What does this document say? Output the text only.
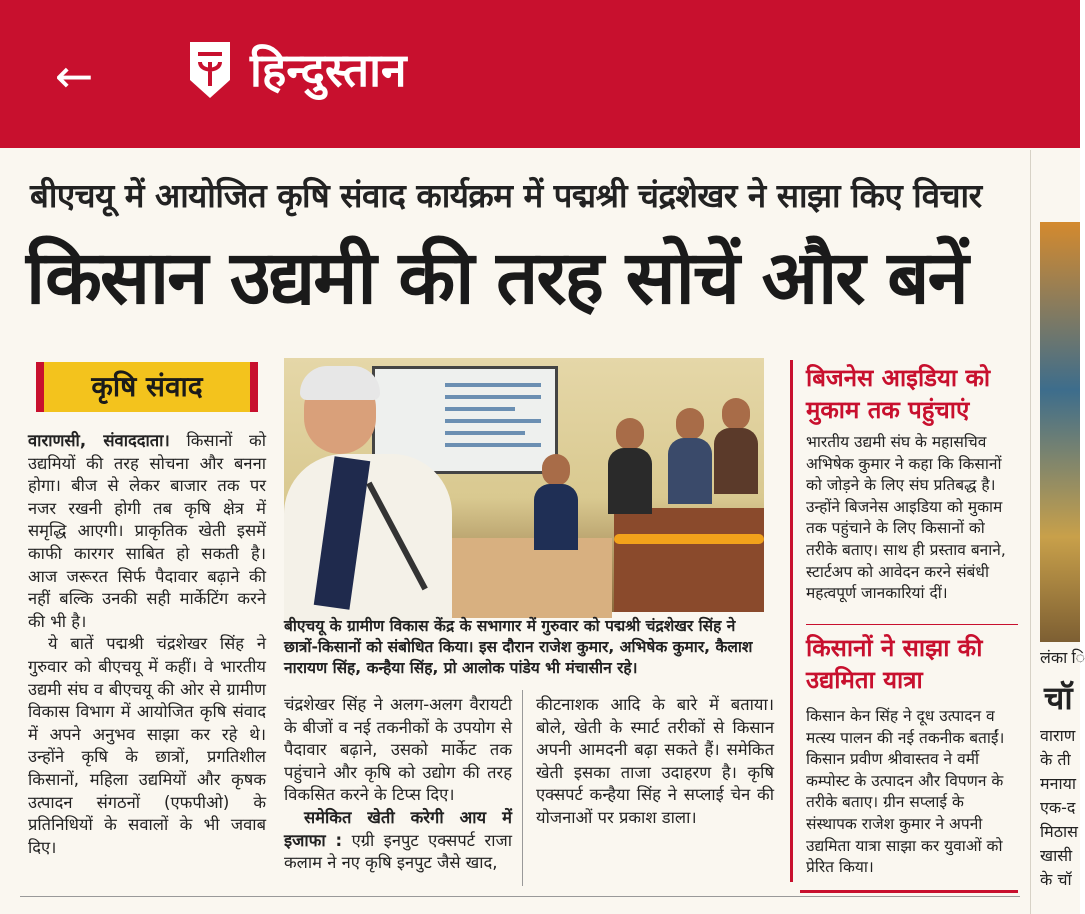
←	हिन्दुस्तान
बीएचयू में आयोजित कृषि संवाद कार्यक्रम में पद्मश्री चंद्रशेखर ने साझा किए विचार
किसान उद्यमी की तरह सोचें और बनें
कृषि संवाद

वाराणसी, संवाददाता। किसानों को उद्यमियों की तरह सोचना और बनना होगा। बीज से लेकर बाजार तक पर नजर रखनी होगी तब कृषि क्षेत्र में समृद्धि आएगी। प्राकृतिक खेती इसमें काफी कारगर साबित हो सकती है। आज जरूरत सिर्फ पैदावार बढ़ाने की नहीं बल्कि उनकी सही मार्केटिंग करने की भी है।

ये बातें पद्मश्री चंद्रशेखर सिंह ने गुरुवार को बीएचयू में कहीं। वे भारतीय उद्यमी संघ व बीएचयू की ओर से ग्रामीण विकास विभाग में आयोजित कृषि संवाद में अपने अनुभव साझा कर रहे थे। उन्होंने कृषि के छात्रों, प्रगतिशील किसानों, महिला उद्यमियों और कृषक उत्पादन संगठनों (एफपीओ) के प्रतिनिधियों के सवालों के भी जवाब दिए।

चंद्रशेखर सिंह ने अलग-अलग वैरायटी के बीजों व नई तकनीकों के उपयोग से पैदावार बढ़ाने, उसको मार्केट तक पहुंचाने और कृषि को उद्योग की तरह विकसित करने के टिप्स दिए।

समेकित खेती करेगी आय में इजाफा : एग्री इनपुट एक्सपर्ट राजा कलाम ने नए कृषि इनपुट जैसे खाद,

बीएचयू के ग्रामीण विकास केंद्र के सभागार में गुरुवार को पद्मश्री चंद्रशेखर सिंह ने छात्रों-किसानों को संबोधित किया। इस दौरान राजेश कुमार, अभिषेक कुमार, कैलाश नारायण सिंह, कन्हैया सिंह, प्रो आलोक पांडेय भी मंचासीन रहे।

कीटनाशक आदि के बारे में बताया। बोले, खेती के स्मार्ट तरीकों से किसान अपनी आमदनी बढ़ा सकते हैं। समेकित खेती इसका ताजा उदाहरण है। कृषि एक्सपर्ट कन्हैया सिंह ने सप्लाई चेन की योजनाओं पर प्रकाश डाला।

बिजनेस आइडिया को मुकाम तक पहुंचाएं
भारतीय उद्यमी संघ के महासचिव अभिषेक कुमार ने कहा कि किसानों को जोड़ने के लिए संघ प्रतिबद्ध है। उन्होंने बिजनेस आइडिया को मुकाम तक पहुंचाने के लिए किसानों को तरीके बताए। साथ ही प्रस्ताव बनाने, स्टार्टअप को आवेदन करने संबंधी महत्वपूर्ण जानकारियां दीं।
किसानों ने साझा की उद्यमिता यात्रा
किसान केन सिंह ने दूध उत्पादन व मत्स्य पालन की नई तकनीक बताईं। किसान प्रवीण श्रीवास्तव ने वर्मी कम्पोस्ट के उत्पादन और विपणन के तरीके बताए। ग्रीन सप्लाई के संस्थापक राजेश कुमार ने अपनी उद्यमिता यात्रा साझा कर युवाओं को प्रेरित किया।
लंका ि
चॉ
वाराण
के ती
मनाया
एक-द
मिठास
खासी
के चॉ
